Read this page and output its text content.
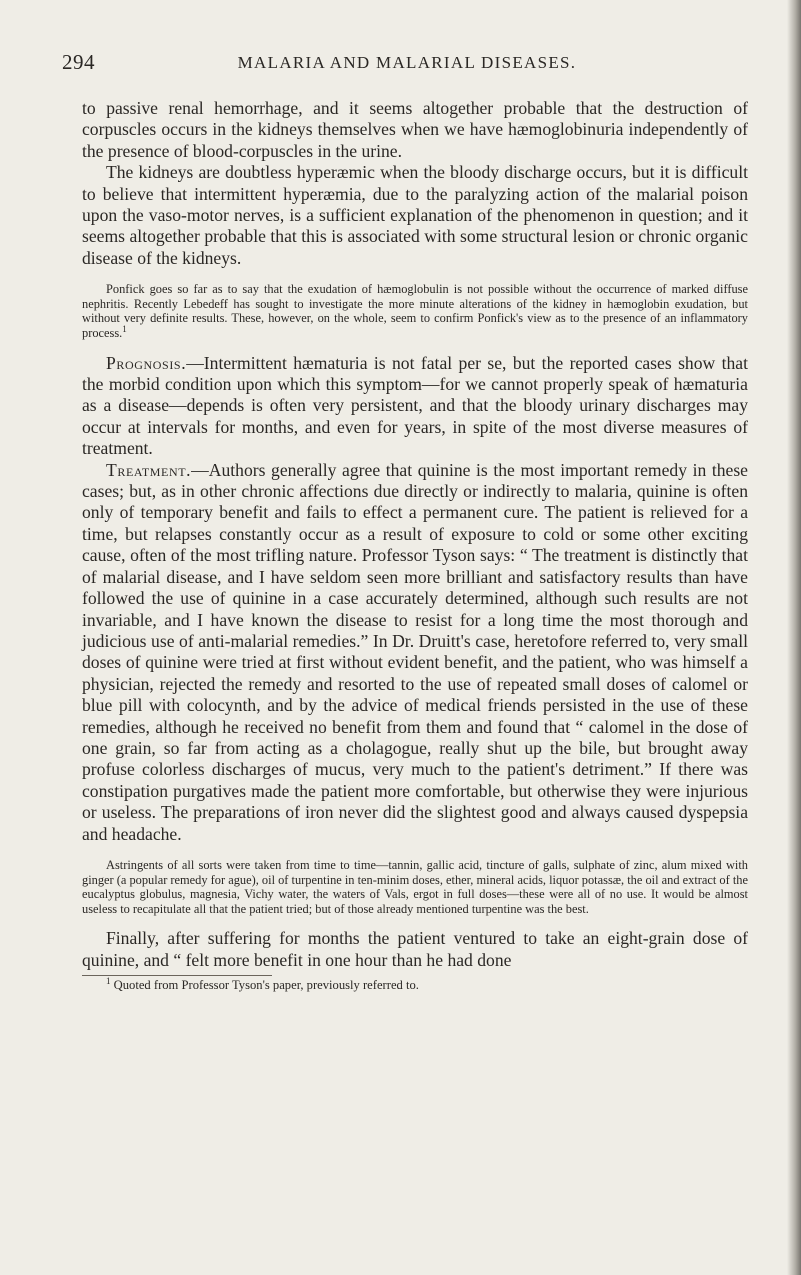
294	MALARIA AND MALARIAL DISEASES.

to passive renal hemorrhage, and it seems altogether probable that the destruction of corpuscles occurs in the kidneys themselves when we have hæmoglobinuria independently of the presence of blood-corpuscles in the urine.

The kidneys are doubtless hyperæmic when the bloody discharge occurs, but it is difficult to believe that intermittent hyperæmia, due to the paralyzing action of the malarial poison upon the vaso-motor nerves, is a sufficient explanation of the phenomenon in question; and it seems altogether probable that this is associated with some structural lesion or chronic organic disease of the kidneys.

Ponfick goes so far as to say that the exudation of hæmoglobulin is not possible without the occurrence of marked diffuse nephritis. Recently Lebedeff has sought to investigate the more minute alterations of the kidney in hæmoglobin exudation, but without very definite results. These, however, on the whole, seem to confirm Ponfick's view as to the presence of an inflammatory process.$^1$

Prognosis.—Intermittent hæmaturia is not fatal per se, but the reported cases show that the morbid condition upon which this symptom—for we cannot properly speak of hæmaturia as a disease—depends is often very persistent, and that the bloody urinary discharges may occur at intervals for months, and even for years, in spite of the most diverse measures of treatment.

Treatment.—Authors generally agree that quinine is the most important remedy in these cases; but, as in other chronic affections due directly or indirectly to malaria, quinine is often only of temporary benefit and fails to effect a permanent cure. The patient is relieved for a time, but relapses constantly occur as a result of exposure to cold or some other exciting cause, often of the most trifling nature. Professor Tyson says: “ The treatment is distinctly that of malarial disease, and I have seldom seen more brilliant and satisfactory results than have followed the use of quinine in a case accurately determined, although such results are not invariable, and I have known the disease to resist for a long time the most thorough and judicious use of anti-malarial remedies.” In Dr. Druitt's case, heretofore referred to, very small doses of quinine were tried at first without evident benefit, and the patient, who was himself a physician, rejected the remedy and resorted to the use of repeated small doses of calomel or blue pill with colocynth, and by the advice of medical friends persisted in the use of these remedies, although he received no benefit from them and found that “ calomel in the dose of one grain, so far from acting as a cholagogue, really shut up the bile, but brought away profuse colorless discharges of mucus, very much to the patient's detriment.” If there was constipation purgatives made the patient more comfortable, but otherwise they were injurious or useless. The preparations of iron never did the slightest good and always caused dyspepsia and headache.

Astringents of all sorts were taken from time to time—tannin, gallic acid, tincture of galls, sulphate of zinc, alum mixed with ginger (a popular remedy for ague), oil of turpentine in ten-minim doses, ether, mineral acids, liquor potassæ, the oil and extract of the eucalyptus globulus, magnesia, Vichy water, the waters of Vals, ergot in full doses—these were all of no use. It would be almost useless to recapitulate all that the patient tried; but of those already mentioned turpentine was the best.

Finally, after suffering for months the patient ventured to take an eight-grain dose of quinine, and “ felt more benefit in one hour than he had done

$^1$ Quoted from Professor Tyson's paper, previously referred to.
